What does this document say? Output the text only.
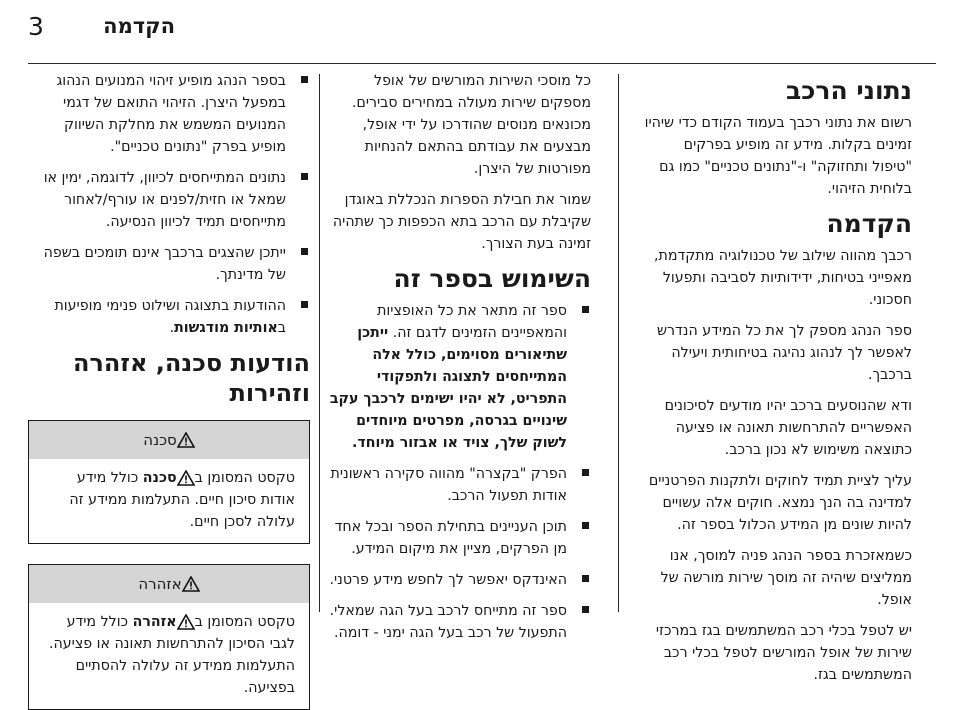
3	הקדמה
נתוני הרכב

רשום את נתוני רכבך בעמוד הקודם כדי שיהיו זמינים בקלות. מידע זה מופיע בפרקים "טיפול ותחזוקה" ו-"נתונים טכניים" כמו גם בלוחית הזיהוי.

הקדמה

רכבך מהווה שילוב של טכנולוגיה מתקדמת, מאפייני בטיחות, ידידותיות לסביבה ותפעול חסכוני.

ספר הנהג מספק לך את כל המידע הנדרש לאפשר לך לנהוג נהיגה בטיחותית ויעילה ברכבך.

ודא שהנוסעים ברכב יהיו מודעים לסיכונים האפשריים להתרחשות תאונה או פציעה כתוצאה משימוש לא נכון ברכב.

עליך לציית תמיד לחוקים ולתקנות הפרטניים למדינה בה הנך נמצא. חוקים אלה עשויים להיות שונים מן המידע הכלול בספר זה.

כשמאזכרת בספר הנהג פניה למוסך, אנו ממליצים שיהיה זה מוסך שירות מורשה של אופל.

יש לטפל בכלי רכב המשתמשים בגז במרכזי שירות של אופל המורשים לטפל בכלי רכב המשתמשים בגז.

כל מוסכי השירות המורשים של אופל מספקים שירות מעולה במחירים סבירים. מכונאים מנוסים שהודרכו על ידי אופל, מבצעים את עבודתם בהתאם להנחיות מפורטות של היצרן.

שמור את חבילת הספרות הנכללת באוגדן שקיבלת עם הרכב בתא הכפפות כך שתהיה זמינה בעת הצורך.

השימוש בספר זה
ספר זה מתאר את כל האופציות והמאפיינים הזמינים לדגם זה. ייתכן שתיאורים מסוימים, כולל אלה המתייחסים לתצוגה ולתפקודי התפריט, לא יהיו ישימים לרכבך עקב שינויים בגרסה, מפרטים מיוחדים לשוק שלך, צויד או אבזור מיוחד.
הפרק "בקצרה" מהווה סקירה ראשונית אודות תפעול הרכב.
תוכן העניינים בתחילת הספר ובכל אחד מן הפרקים, מציין את מיקום המידע.
האינדקס יאפשר לך לחפש מידע פרטני.
ספר זה מתייחס לרכב בעל הגה שמאלי. התפעול של רכב בעל הגה ימני - דומה.
בספר הנהג מופיע זיהוי המנועים הנהוג במפעל היצרן. הזיהוי התואם של דגמי המנועים המשמש את מחלקת השיווק מופיע בפרק "נתונים טכניים".
נתונים המתייחסים לכיוון, לדוגמה, ימין או שמאל או חזית/לפנים או עורף/לאחור מתייחסים תמיד לכיוון הנסיעה.
ייתכן שהצגים ברכבך אינם תומכים בשפה של מדינתך.
ההודעות בתצוגה ושילוט פנימי מופיעות באותיות מודגשות.
הודעות סכנה, אזהרה וזהירות
סכנה
טקסט המסומן בסכנה כולל מידע אודות סיכון חיים. התעלמות ממידע זה עלולה לסכן חיים.
אזהרה
טקסט המסומן באזהרה כולל מידע לגבי הסיכון להתרחשות תאונה או פציעה. התעלמות ממידע זה עלולה להסתיים בפציעה.
